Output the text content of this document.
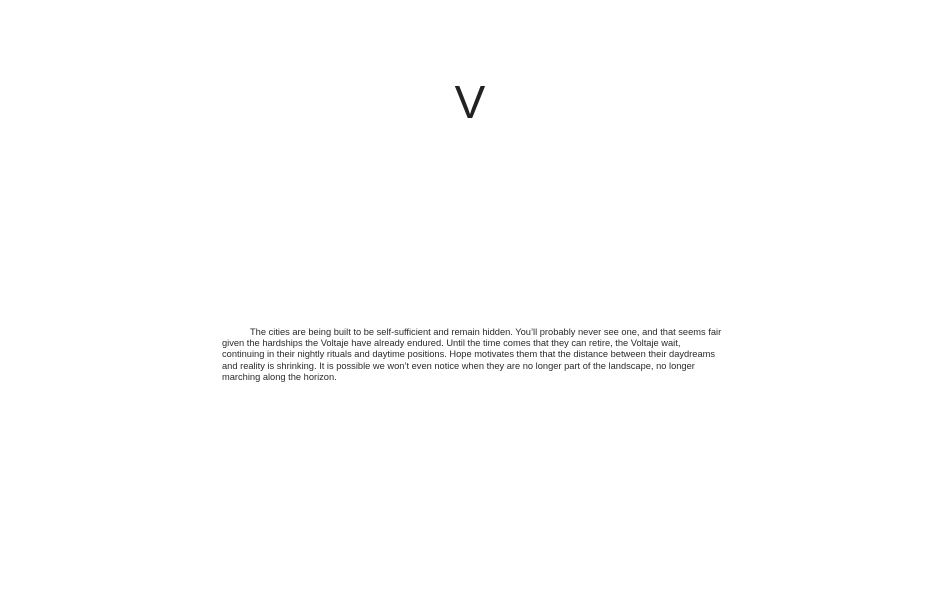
V

The cities are being built to be self-sufficient and remain hidden. You’ll probably never see one, and that seems fair given the hardships the Voltaje have already endured. Until the time comes that they can retire, the Voltaje wait, continuing in their nightly rituals and daytime positions. Hope motivates them that the distance between their daydreams and reality is shrinking. It is possible we won’t even notice when they are no longer part of the landscape, no longer marching along the horizon.
